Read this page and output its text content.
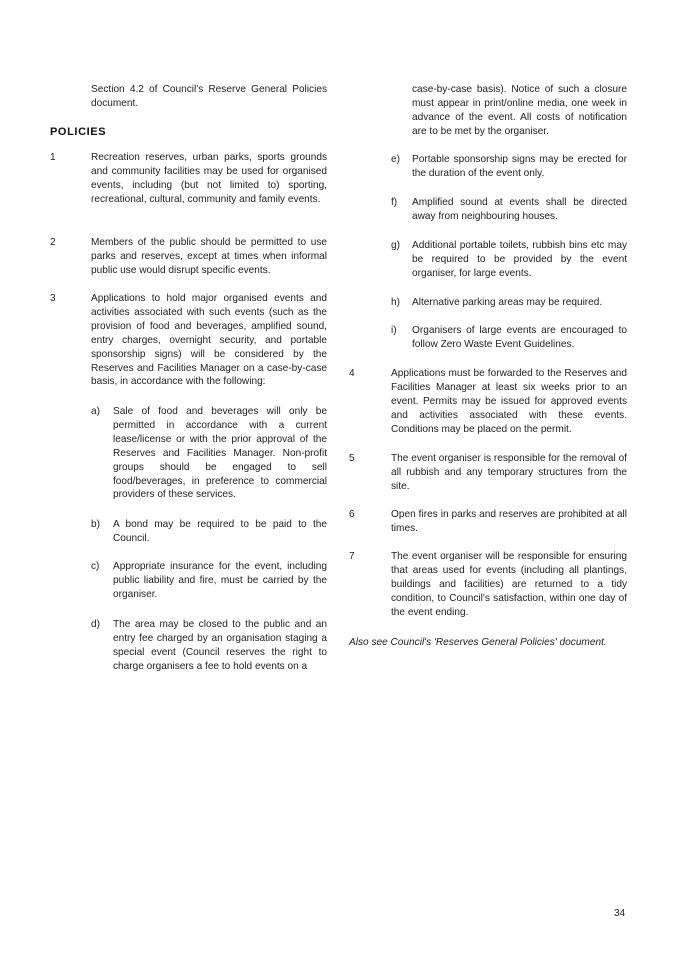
Section 4.2 of Council's Reserve General Policies document.
POLICIES
1	Recreation reserves, urban parks, sports grounds and community facilities may be used for organised events, including (but not limited to) sporting, recreational, cultural, community and family events.
2	Members of the public should be permitted to use parks and reserves, except at times when informal public use would disrupt specific events.
3	Applications to hold major organised events and activities associated with such events (such as the provision of food and beverages, amplified sound, entry charges, overnight security, and portable sponsorship signs) will be considered by the Reserves and Facilities Manager on a case-by-case basis, in accordance with the following:
a) Sale of food and beverages will only be permitted in accordance with a current lease/license or with the prior approval of the Reserves and Facilities Manager. Non-profit groups should be engaged to sell food/beverages, in preference to commercial providers of these services.
b) A bond may be required to be paid to the Council.
c) Appropriate insurance for the event, including public liability and fire, must be carried by the organiser.
d) The area may be closed to the public and an entry fee charged by an organisation staging a special event (Council reserves the right to charge organisers a fee to hold events on a
case-by-case basis). Notice of such a closure must appear in print/online media, one week in advance of the event. All costs of notification are to be met by the organiser.
e) Portable sponsorship signs may be erected for the duration of the event only.
f) Amplified sound at events shall be directed away from neighbouring houses.
g) Additional portable toilets, rubbish bins etc may be required to be provided by the event organiser, for large events.
h) Alternative parking areas may be required.
i) Organisers of large events are encouraged to follow Zero Waste Event Guidelines.
4	Applications must be forwarded to the Reserves and Facilities Manager at least six weeks prior to an event. Permits may be issued for approved events and activities associated with these events. Conditions may be placed on the permit.
5	The event organiser is responsible for the removal of all rubbish and any temporary structures from the site.
6	Open fires in parks and reserves are prohibited at all times.
7	The event organiser will be responsible for ensuring that areas used for events (including all plantings, buildings and facilities) are returned to a tidy condition, to Council's satisfaction, within one day of the event ending.
Also see Council's 'Reserves General Policies' document.
34
